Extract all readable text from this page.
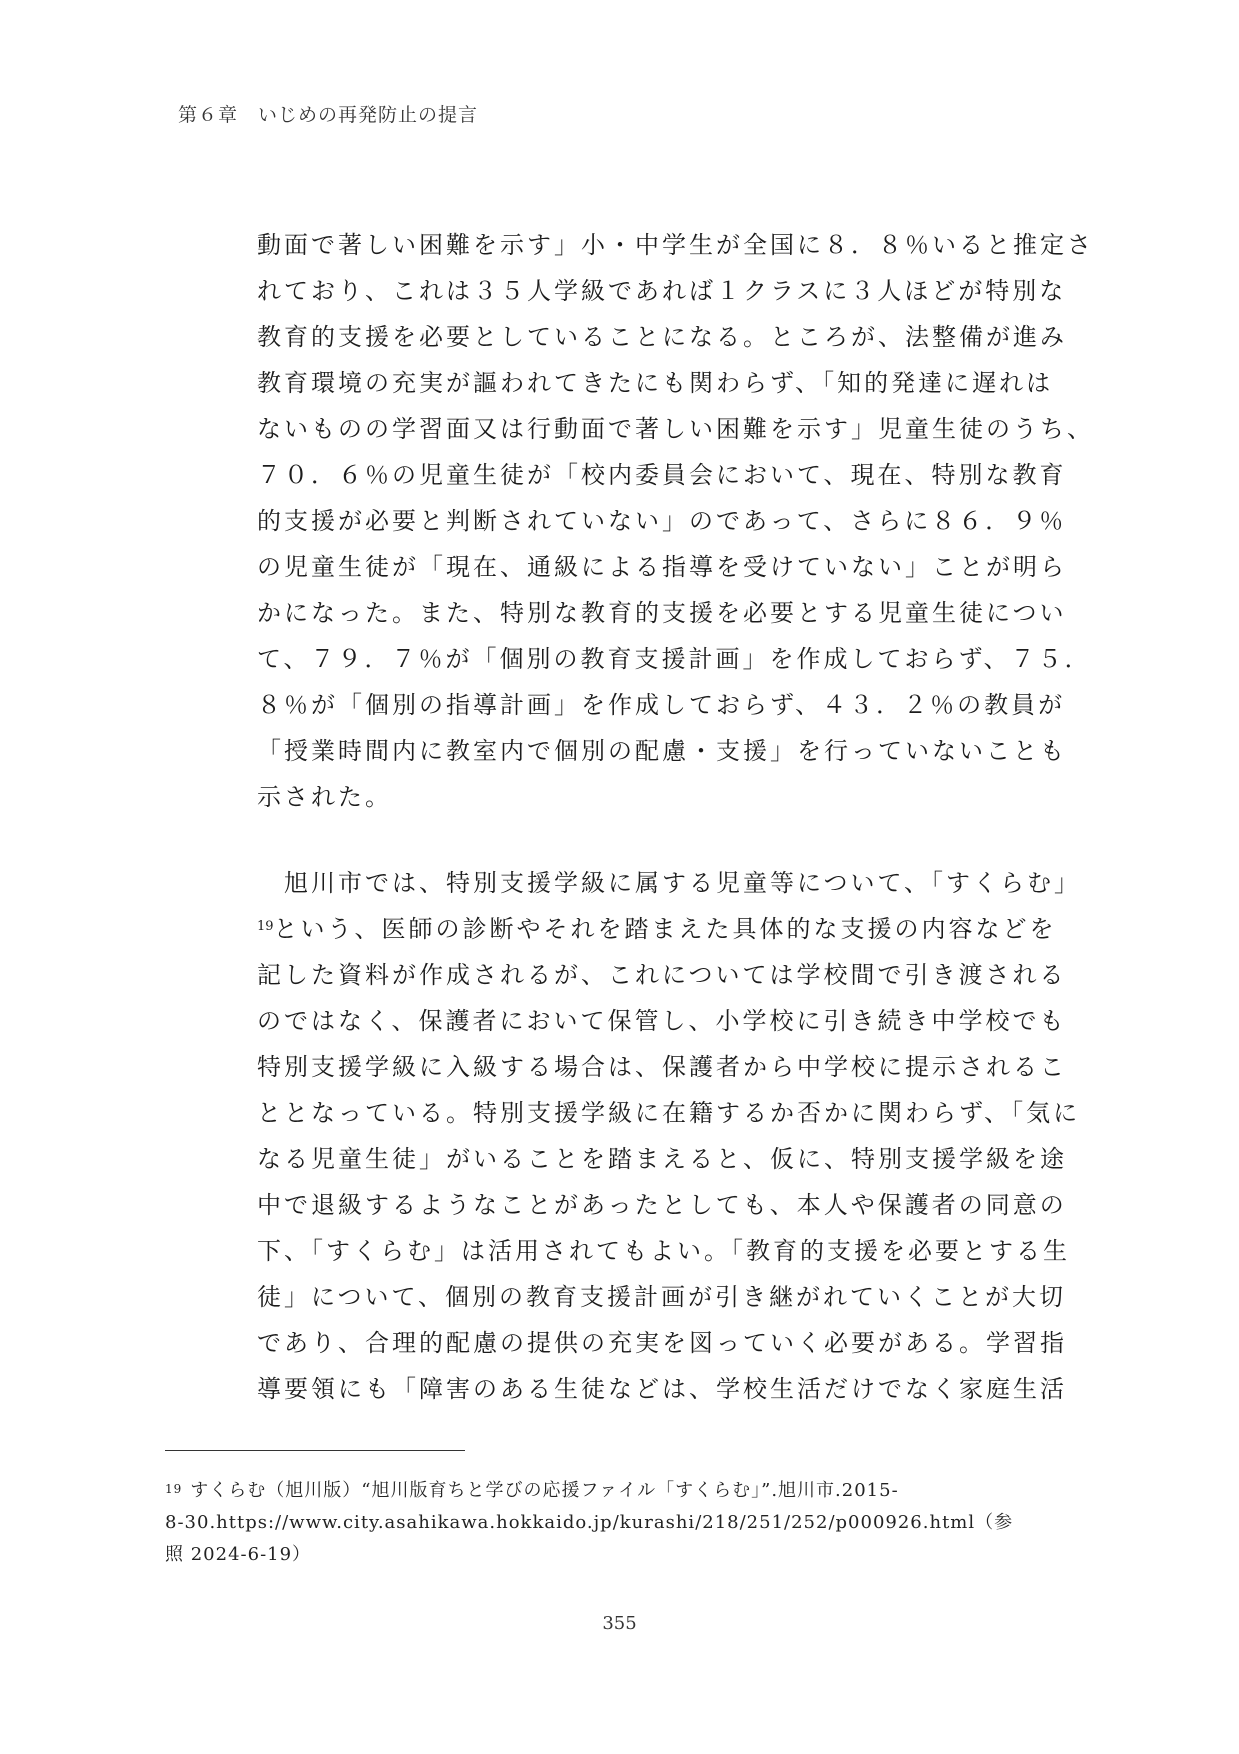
第６章　いじめの再発防止の提言
動面で著しい困難を示す」小・中学生が全国に８．８％いると推定さ
れており、これは３５人学級であれば１クラスに３人ほどが特別な
教育的支援を必要としていることになる。ところが、法整備が進み
教育環境の充実が謳われてきたにも関わらず、「知的発達に遅れは
ないものの学習面又は行動面で著しい困難を示す」児童生徒のうち、
７０．６％の児童生徒が「校内委員会において、現在、特別な教育
的支援が必要と判断されていない」のであって、さらに８６．９％
の児童生徒が「現在、通級による指導を受けていない」ことが明ら
かになった。また、特別な教育的支援を必要とする児童生徒につい
て、７９．７％が「個別の教育支援計画」を作成しておらず、７５．
８％が「個別の指導計画」を作成しておらず、４３．２％の教員が
「授業時間内に教室内で個別の配慮・支援」を行っていないことも
示された。
　旭川市では、特別支援学級に属する児童等について、「すくらむ」
$^{19}$という、医師の診断やそれを踏まえた具体的な支援の内容などを
記した資料が作成されるが、これについては学校間で引き渡される
のではなく、保護者において保管し、小学校に引き続き中学校でも
特別支援学級に入級する場合は、保護者から中学校に提示されるこ
ととなっている。特別支援学級に在籍するか否かに関わらず、「気に
なる児童生徒」がいることを踏まえると、仮に、特別支援学級を途
中で退級するようなことがあったとしても、本人や保護者の同意の
下、「すくらむ」は活用されてもよい。「教育的支援を必要とする生
徒」について、個別の教育支援計画が引き継がれていくことが大切
であり、合理的配慮の提供の充実を図っていく必要がある。学習指
導要領にも「障害のある生徒などは、学校生活だけでなく家庭生活
$^{19}$ すくらむ（旭川版）“旭川版育ちと学びの応援ファイル「すくらむ」”.旭川市.2015-
8-30.https://www.city.asahikawa.hokkaido.jp/kurashi/218/251/252/p000926.html（参
照 2024-6-19）
355
